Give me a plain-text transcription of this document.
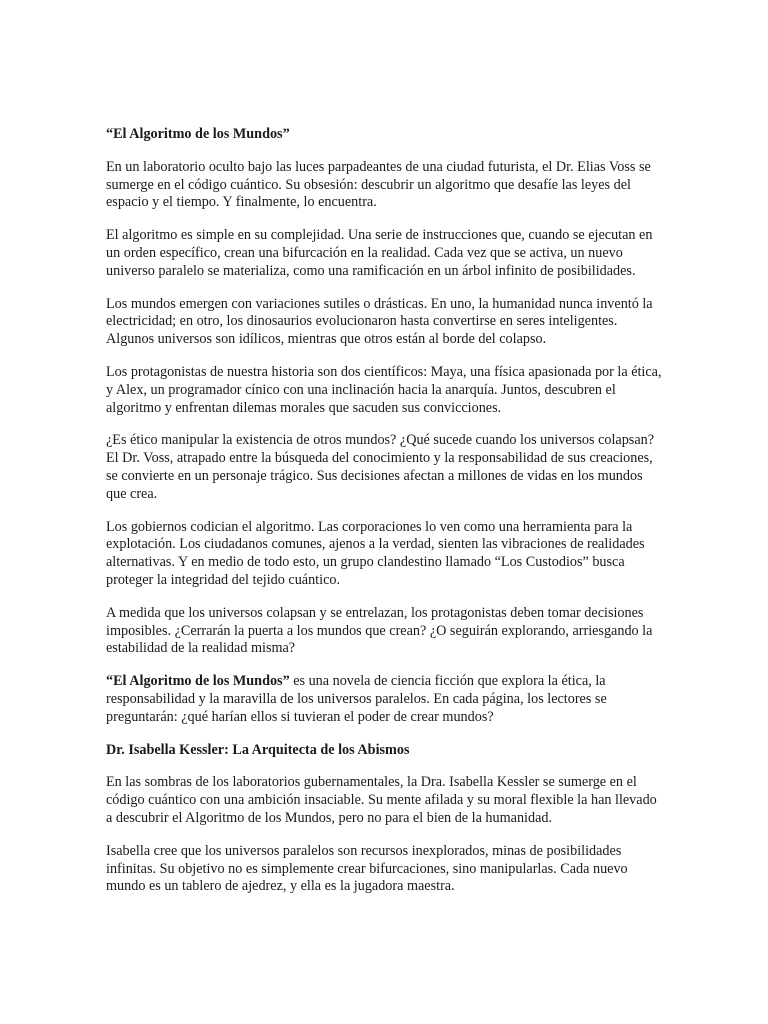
“El Algoritmo de los Mundos”

En un laboratorio oculto bajo las luces parpadeantes de una ciudad futurista, el Dr. Elias Voss se sumerge en el código cuántico. Su obsesión: descubrir un algoritmo que desafíe las leyes del espacio y el tiempo. Y finalmente, lo encuentra.

El algoritmo es simple en su complejidad. Una serie de instrucciones que, cuando se ejecutan en un orden específico, crean una bifurcación en la realidad. Cada vez que se activa, un nuevo universo paralelo se materializa, como una ramificación en un árbol infinito de posibilidades.

Los mundos emergen con variaciones sutiles o drásticas. En uno, la humanidad nunca inventó la electricidad; en otro, los dinosaurios evolucionaron hasta convertirse en seres inteligentes. Algunos universos son idílicos, mientras que otros están al borde del colapso.

Los protagonistas de nuestra historia son dos científicos: Maya, una física apasionada por la ética, y Alex, un programador cínico con una inclinación hacia la anarquía. Juntos, descubren el algoritmo y enfrentan dilemas morales que sacuden sus convicciones.

¿Es ético manipular la existencia de otros mundos? ¿Qué sucede cuando los universos colapsan? El Dr. Voss, atrapado entre la búsqueda del conocimiento y la responsabilidad de sus creaciones, se convierte en un personaje trágico. Sus decisiones afectan a millones de vidas en los mundos que crea.

Los gobiernos codician el algoritmo. Las corporaciones lo ven como una herramienta para la explotación. Los ciudadanos comunes, ajenos a la verdad, sienten las vibraciones de realidades alternativas. Y en medio de todo esto, un grupo clandestino llamado “Los Custodios” busca proteger la integridad del tejido cuántico.

A medida que los universos colapsan y se entrelazan, los protagonistas deben tomar decisiones imposibles. ¿Cerrarán la puerta a los mundos que crean? ¿O seguirán explorando, arriesgando la estabilidad de la realidad misma?

“El Algoritmo de los Mundos” es una novela de ciencia ficción que explora la ética, la responsabilidad y la maravilla de los universos paralelos. En cada página, los lectores se preguntarán: ¿qué harían ellos si tuvieran el poder de crear mundos?

Dr. Isabella Kessler: La Arquitecta de los Abismos

En las sombras de los laboratorios gubernamentales, la Dra. Isabella Kessler se sumerge en el código cuántico con una ambición insaciable. Su mente afilada y su moral flexible la han llevado a descubrir el Algoritmo de los Mundos, pero no para el bien de la humanidad.

Isabella cree que los universos paralelos son recursos inexplorados, minas de posibilidades infinitas. Su objetivo no es simplemente crear bifurcaciones, sino manipularlas. Cada nuevo mundo es un tablero de ajedrez, y ella es la jugadora maestra.
